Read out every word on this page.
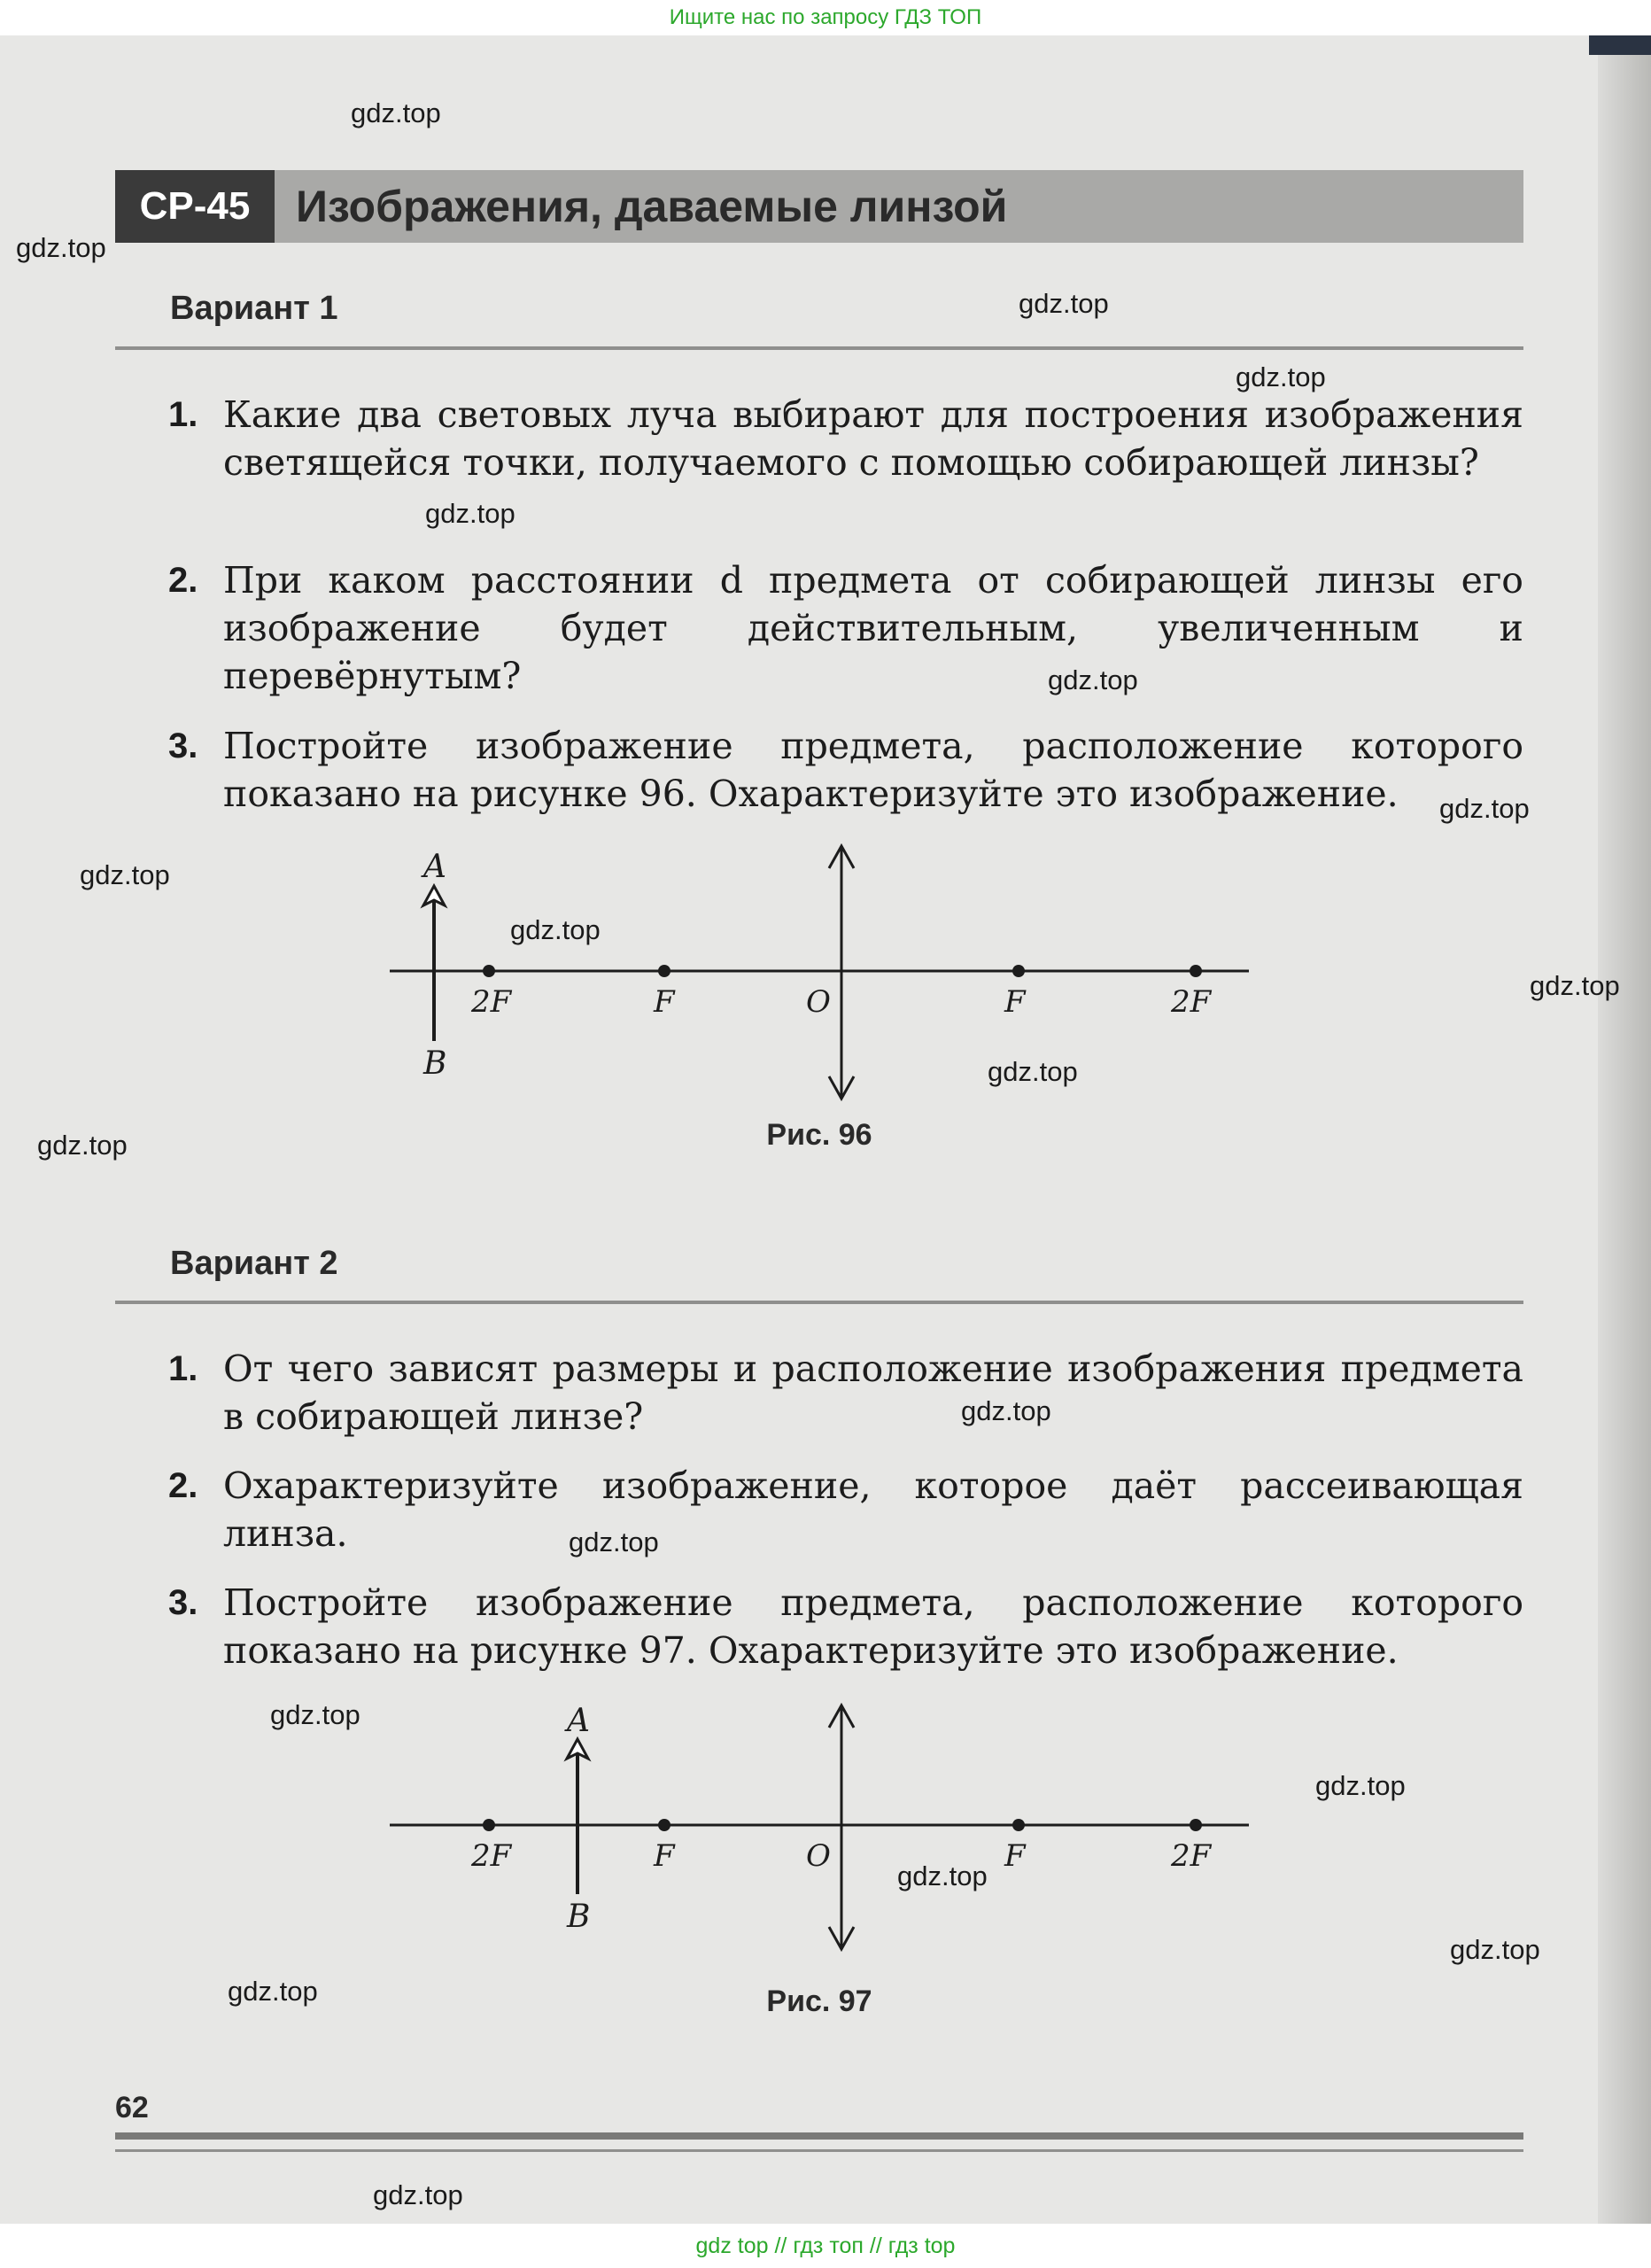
Ищите нас по запросу ГДЗ ТОП
СР-45	Изображения, даваемые линзой
Вариант 1
1. Какие два световых луча выбирают для построения изображения светящейся точки, получаемого с помощью собирающей линзы?
2. При каком расстоянии d предмета от собирающей линзы его изображение будет действительным, увеличенным и перевёрнутым?
3. Постройте изображение предмета, расположение которого показано на рисунке 96. Охарактеризуйте это изображение.
A
B
2F	F	O	F	2F
A
B
2F	F	O	F	2F
Рис. 96
Вариант 2
1. От чего зависят размеры и расположение изображения предмета в собирающей линзе?
2. Охарактеризуйте изображение, которое даёт рассеивающая линза.
3. Постройте изображение предмета, расположение которого показано на рисунке 97. Охарактеризуйте это изображение.
Рис. 97
62
gdz.top
gdz.top
gdz.top
gdz.top
gdz.top
gdz.top
gdz.top
gdz.top
gdz.top
gdz.top
gdz.top
gdz.top
gdz.top
gdz.top
gdz.top
gdz.top
gdz.top
gdz.top
gdz.top
gdz.top
gdz top // гдз топ // гдз top
